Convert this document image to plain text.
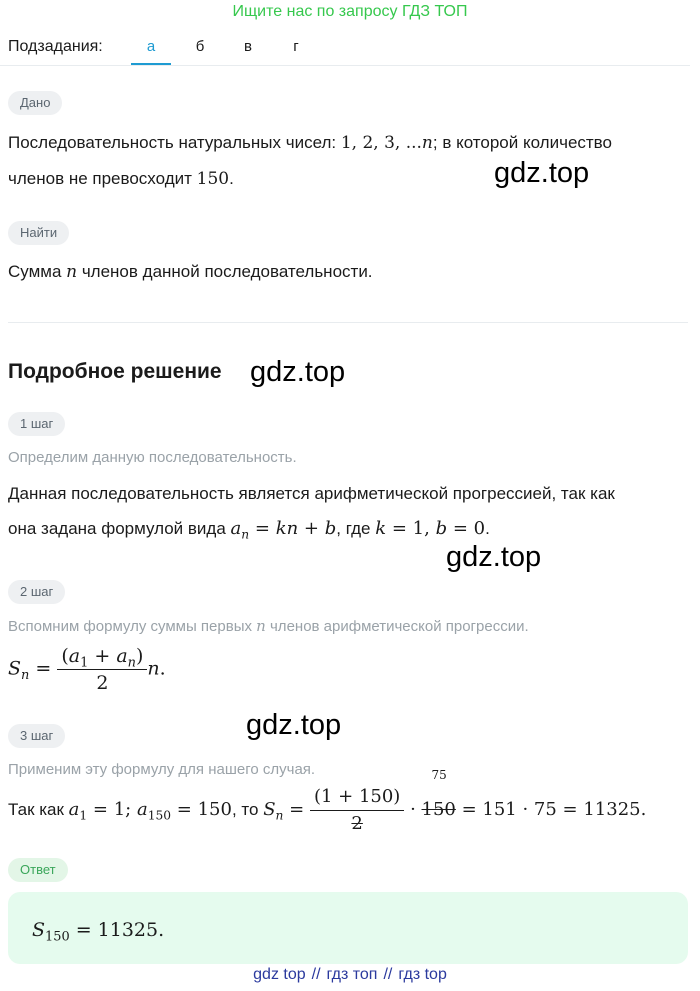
Ищите нас по запросу ГДЗ ТОП
Подзадания:	а	б	в	г
Дано
Последовательность натуральных чисел: 1, 2, 3, ...n; в которой количество
членов не превосходит 150.	gdz.top
Найти
Сумма n членов данной последовательности.
Подробное решение gdz.top
1 шаг
Определим данную последовательность.
Данная последовательность является арифметической прогрессией, так как
она задана формулой вида $a_n$ = kn + b, где k = 1, b = 0.
gdz.top
2 шаг
Вспомним формулу суммы первых n членов арифметической прогрессии.
$S_n = \frac{(a_1 + a_n)}{2} n$.
gdz.top
3 шаг
Применим эту формулу для нашего случая.
Так как $a_1 = 1$; $a_{150} = 150$, то $S_n = \frac{(1 + 150)}{2}$ ·
75
150 = 151 · 75 = 11325.
Ответ
$S_{150} = 11325$.
gdz top // гдз топ // гдз top
